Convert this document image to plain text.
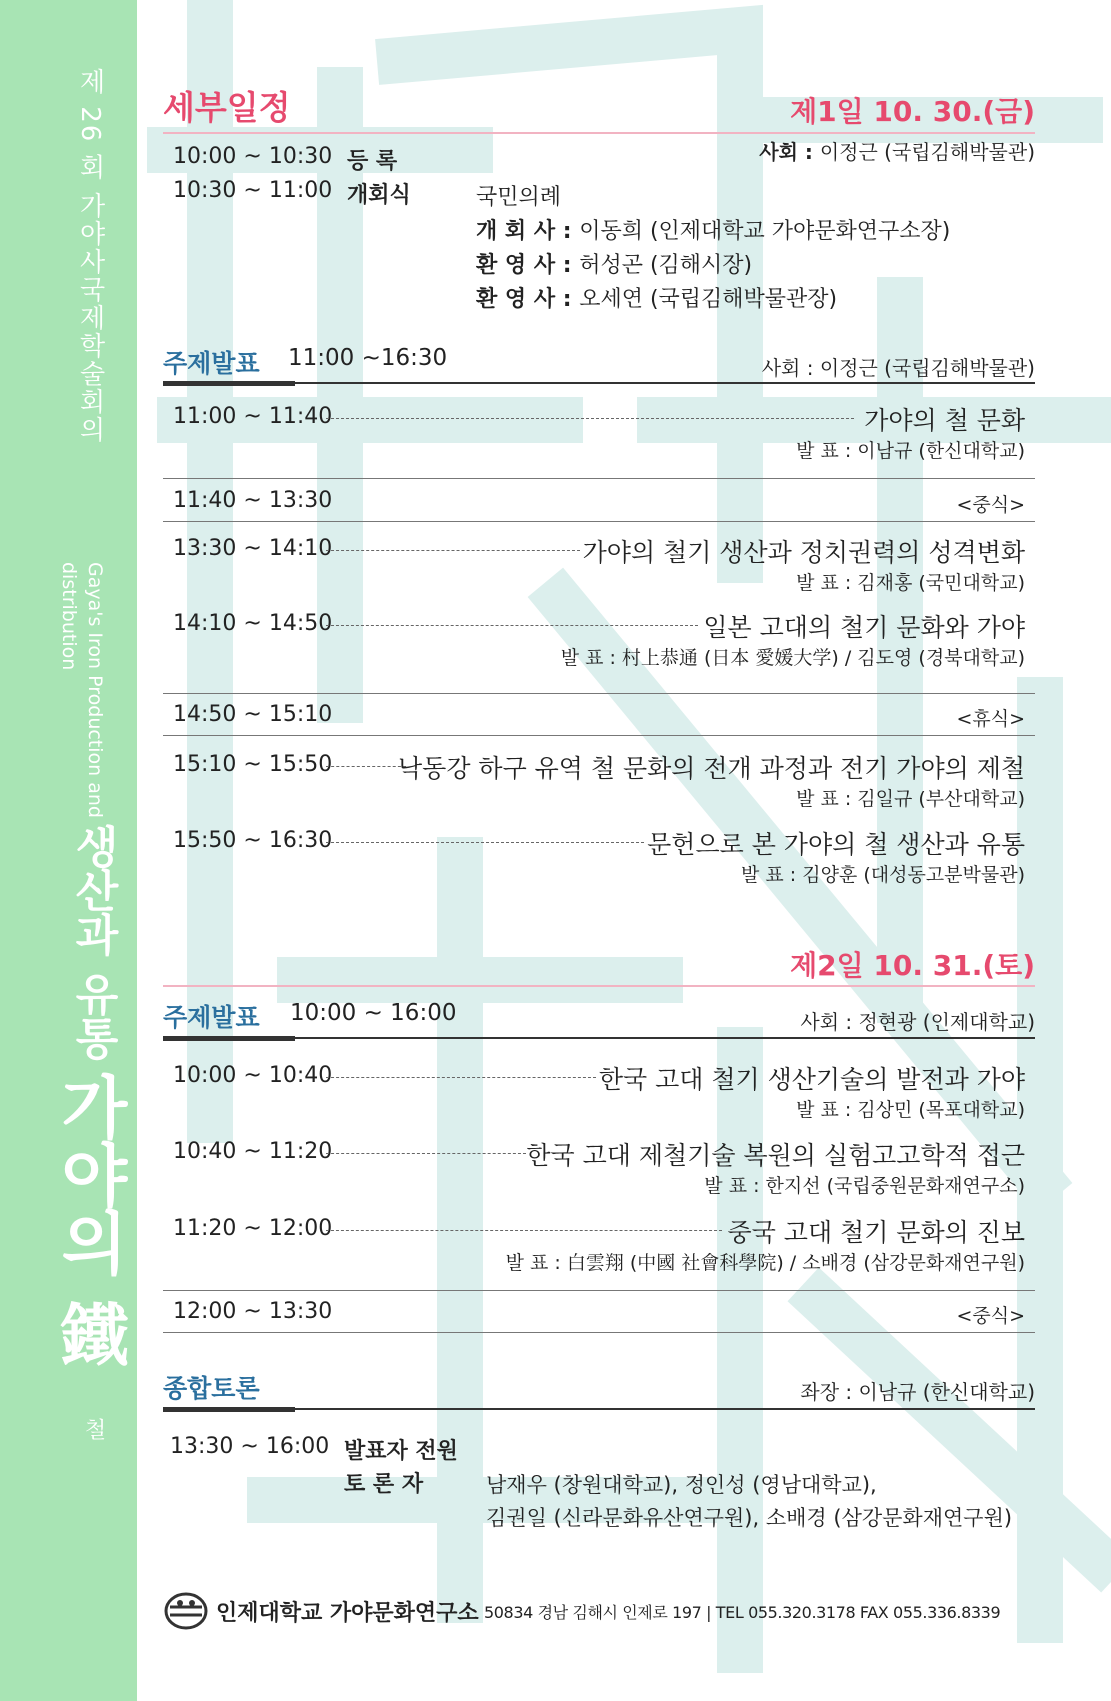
제 26 회 가야사국제학술회의
Gaya's Iron Production and distribution
생산과 유통
가야의 鐵
철
세부일정	제1일 10. 30.(금)
사회 : 이정근 (국립김해박물관)
10:00 ~ 10:30 등 록
10:30 ~ 11:00 개회식	국민의례
개 회 사 : 이동희 (인제대학교 가야문화연구소장)
환 영 사 : 허성곤 (김해시장)
환 영 사 : 오세연 (국립김해박물관장)
주제발표 11:00 ~16:30	사회 : 이정근 (국립김해박물관)
11:00 ~ 11:40	가야의 철 문화
발 표 : 이남규 (한신대학교)
11:40 ~ 13:30	<중식>
13:30 ~ 14:10	가야의 철기 생산과 정치권력의 성격변화
발 표 : 김재홍 (국민대학교)
14:10 ~ 14:50	일본 고대의 철기 문화와 가야
발 표 : 村上恭通 (日本 愛媛大学) / 김도영 (경북대학교)
14:50 ~ 15:10	<휴식>
15:10 ~ 15:50	낙동강 하구 유역 철 문화의 전개 과정과 전기 가야의 제철
발 표 : 김일규 (부산대학교)
15:50 ~ 16:30	문헌으로 본 가야의 철 생산과 유통
발 표 : 김양훈 (대성동고분박물관)
제2일 10. 31.(토)
주제발표 10:00 ~ 16:00	사회 : 정현광 (인제대학교)
10:00 ~ 10:40	한국 고대 철기 생산기술의 발전과 가야
발 표 : 김상민 (목포대학교)
10:40 ~ 11:20	한국 고대 제철기술 복원의 실험고고학적 접근
발 표 : 한지선 (국립중원문화재연구소)
11:20 ~ 12:00	중국 고대 철기 문화의 진보
발 표 : 白雲翔 (中國 社會科學院) / 소배경 (삼강문화재연구원)
12:00 ~ 13:30	<중식>
종합토론	좌장 : 이남규 (한신대학교)
13:30 ~ 16:00 발표자 전원
토 론 자	남재우 (창원대학교), 정인성 (영남대학교),
김권일 (신라문화유산연구원), 소배경 (삼강문화재연구원)
인제대학교 가야문화연구소 50834 경남 김해시 인제로 197 | TEL 055.320.3178 FAX 055.336.8339
